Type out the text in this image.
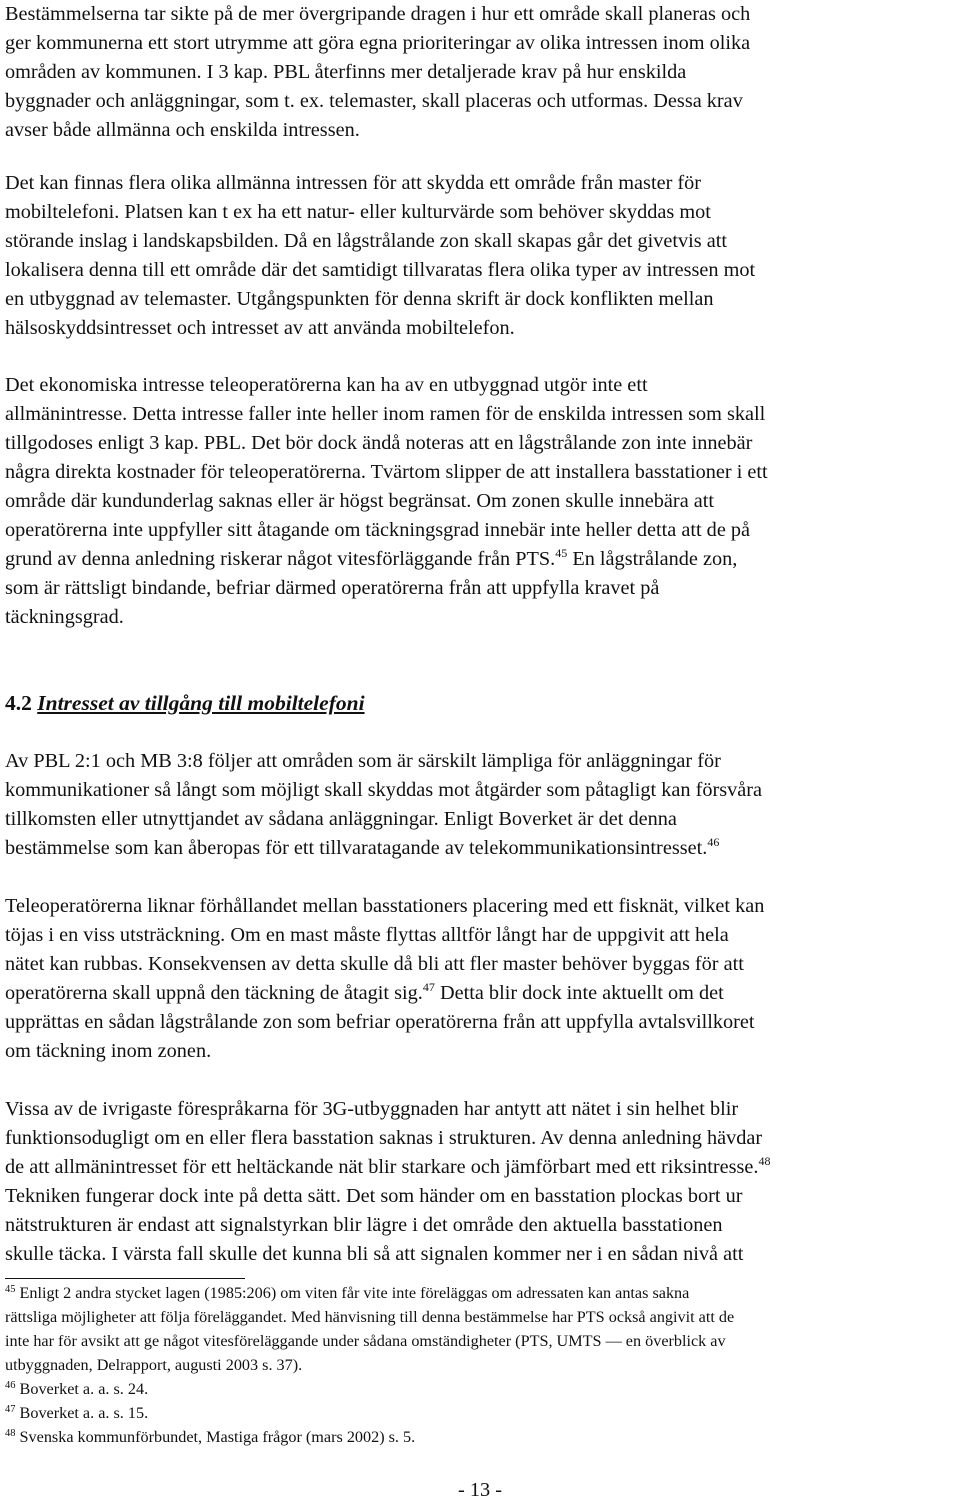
Bestämmelserna tar sikte på de mer övergripande dragen i hur ett område skall planeras och
ger kommunerna ett stort utrymme att göra egna prioriteringar av olika intressen inom olika
områden av kommunen. I 3 kap. PBL återfinns mer detaljerade krav på hur enskilda
byggnader och anläggningar, som t. ex. telemaster, skall placeras och utformas. Dessa krav
avser både allmänna och enskilda intressen.

Det kan finnas flera olika allmänna intressen för att skydda ett område från master för
mobiltelefoni. Platsen kan t ex ha ett natur- eller kulturvärde som behöver skyddas mot
störande inslag i landskapsbilden. Då en lågstrålande zon skall skapas går det givetvis att
lokalisera denna till ett område där det samtidigt tillvaratas flera olika typer av intressen mot
en utbyggnad av telemaster. Utgångspunkten för denna skrift är dock konflikten mellan
hälsoskyddsintresset och intresset av att använda mobiltelefon.

Det ekonomiska intresse teleoperatörerna kan ha av en utbyggnad utgör inte ett
allmänintresse. Detta intresse faller inte heller inom ramen för de enskilda intressen som skall
tillgodoses enligt 3 kap. PBL. Det bör dock ändå noteras att en lågstrålande zon inte innebär
några direkta kostnader för teleoperatörerna. Tvärtom slipper de att installera basstationer i ett
område där kundunderlag saknas eller är högst begränsat. Om zonen skulle innebära att
operatörerna inte uppfyller sitt åtagande om täckningsgrad innebär inte heller detta att de på
grund av denna anledning riskerar något vitesförläggande från PTS.$^{45}$ En lågstrålande zon,
som är rättsligt bindande, befriar därmed operatörerna från att uppfylla kravet på
täckningsgrad.

4.2 Intresset av tillgång till mobiltelefoni

Av PBL 2:1 och MB 3:8 följer att områden som är särskilt lämpliga för anläggningar för
kommunikationer så långt som möjligt skall skyddas mot åtgärder som påtagligt kan försvåra
tillkomsten eller utnyttjandet av sådana anläggningar. Enligt Boverket är det denna
bestämmelse som kan åberopas för ett tillvaratagande av telekommunikationsintresset.$^{46}$

Teleoperatörerna liknar förhållandet mellan basstationers placering med ett fisknät, vilket kan
töjas i en viss utsträckning. Om en mast måste flyttas alltför långt har de uppgivit att hela
nätet kan rubbas. Konsekvensen av detta skulle då bli att fler master behöver byggas för att
operatörerna skall uppnå den täckning de åtagit sig.$^{47}$ Detta blir dock inte aktuellt om det
upprättas en sådan lågstrålande zon som befriar operatörerna från att uppfylla avtalsvillkoret
om täckning inom zonen.

Vissa av de ivrigaste förespråkarna för 3G-utbyggnaden har antytt att nätet i sin helhet blir
funktionsodugligt om en eller flera basstation saknas i strukturen. Av denna anledning hävdar
de att allmänintresset för ett heltäckande nät blir starkare och jämförbart med ett riksintresse.$^{48}$
Tekniken fungerar dock inte på detta sätt. Det som händer om en basstation plockas bort ur
nätstrukturen är endast att signalstyrkan blir lägre i det område den aktuella basstationen
skulle täcka. I värsta fall skulle det kunna bli så att signalen kommer ner i en sådan nivå att

$^{45}$ Enligt 2 andra stycket lagen (1985:206) om viten får vite inte föreläggas om adressaten kan antas sakna
rättsliga möjligheter att följa föreläggandet. Med hänvisning till denna bestämmelse har PTS också angivit att de
inte har för avsikt att ge något vitesföreläggande under sådana omständigheter (PTS, UMTS — en överblick av
utbyggnaden, Delrapport, augusti 2003 s. 37).

$^{46}$ Boverket a. a. s. 24.

$^{47}$ Boverket a. a. s. 15.

$^{48}$ Svenska kommunförbundet, Mastiga frågor (mars 2002) s. 5.

- 13 -
